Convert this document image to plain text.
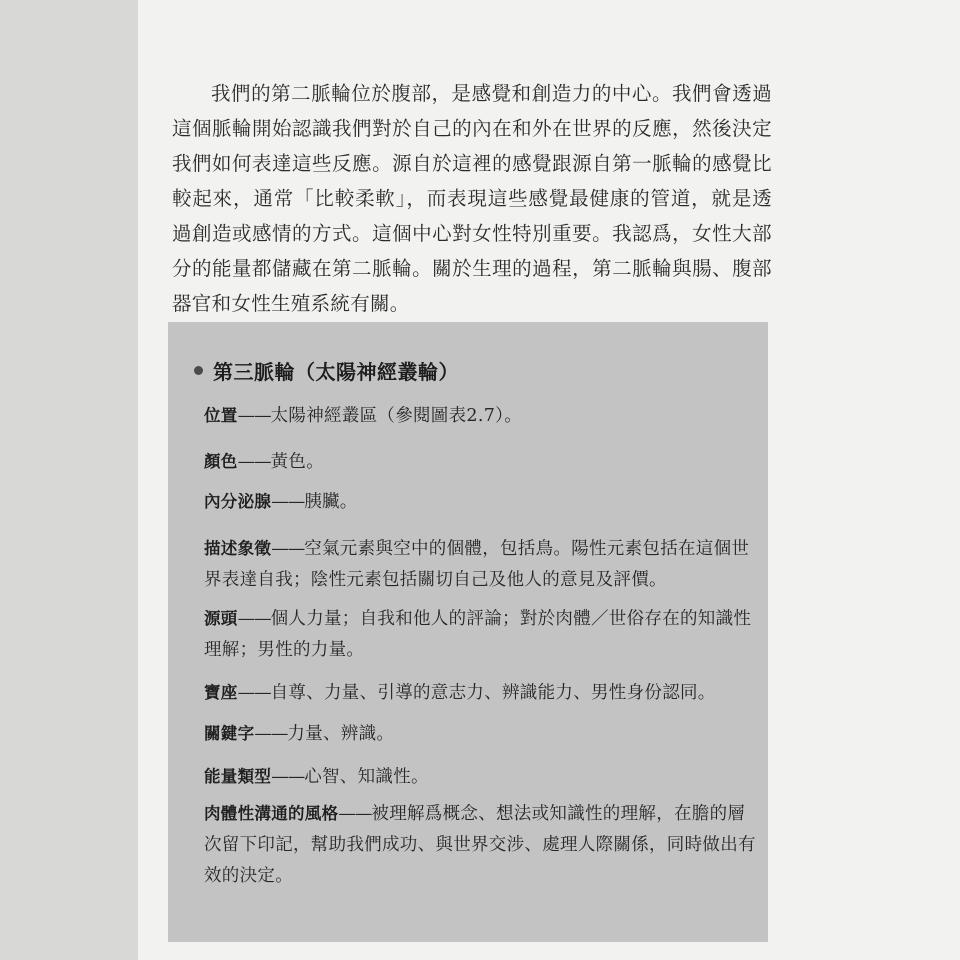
我們的第二脈輪位於腹部，是感覺和創造力的中心。我們會透過這個脈輪開始認識我們對於自己的內在和外在世界的反應，然後決定我們如何表達這些反應。源自於這裡的感覺跟源自第一脈輪的感覺比較起來，通常「比較柔軟」，而表現這些感覺最健康的管道，就是透過創造或感情的方式。這個中心對女性特別重要。我認爲，女性大部分的能量都儲藏在第二脈輪。關於生理的過程，第二脈輪與腸、腹部器官和女性生殖系統有關。

第三脈輪（太陽神經叢輪）
位置——太陽神經叢區（參閱圖表2.7）。
顏色——黃色。
內分泌腺——胰臟。
描述象徵——空氣元素與空中的個體，包括鳥。陽性元素包括在這個世界表達自我；陰性元素包括關切自己及他人的意見及評價。
源頭——個人力量；自我和他人的評論；對於肉體／世俗存在的知識性理解；男性的力量。
寶座——自尊、力量、引導的意志力、辨識能力、男性身份認同。
關鍵字——力量、辨識。
能量類型——心智、知識性。
肉體性溝通的風格——被理解爲概念、想法或知識性的理解，在膽的層次留下印記，幫助我們成功、與世界交涉、處理人際關係，同時做出有效的決定。
